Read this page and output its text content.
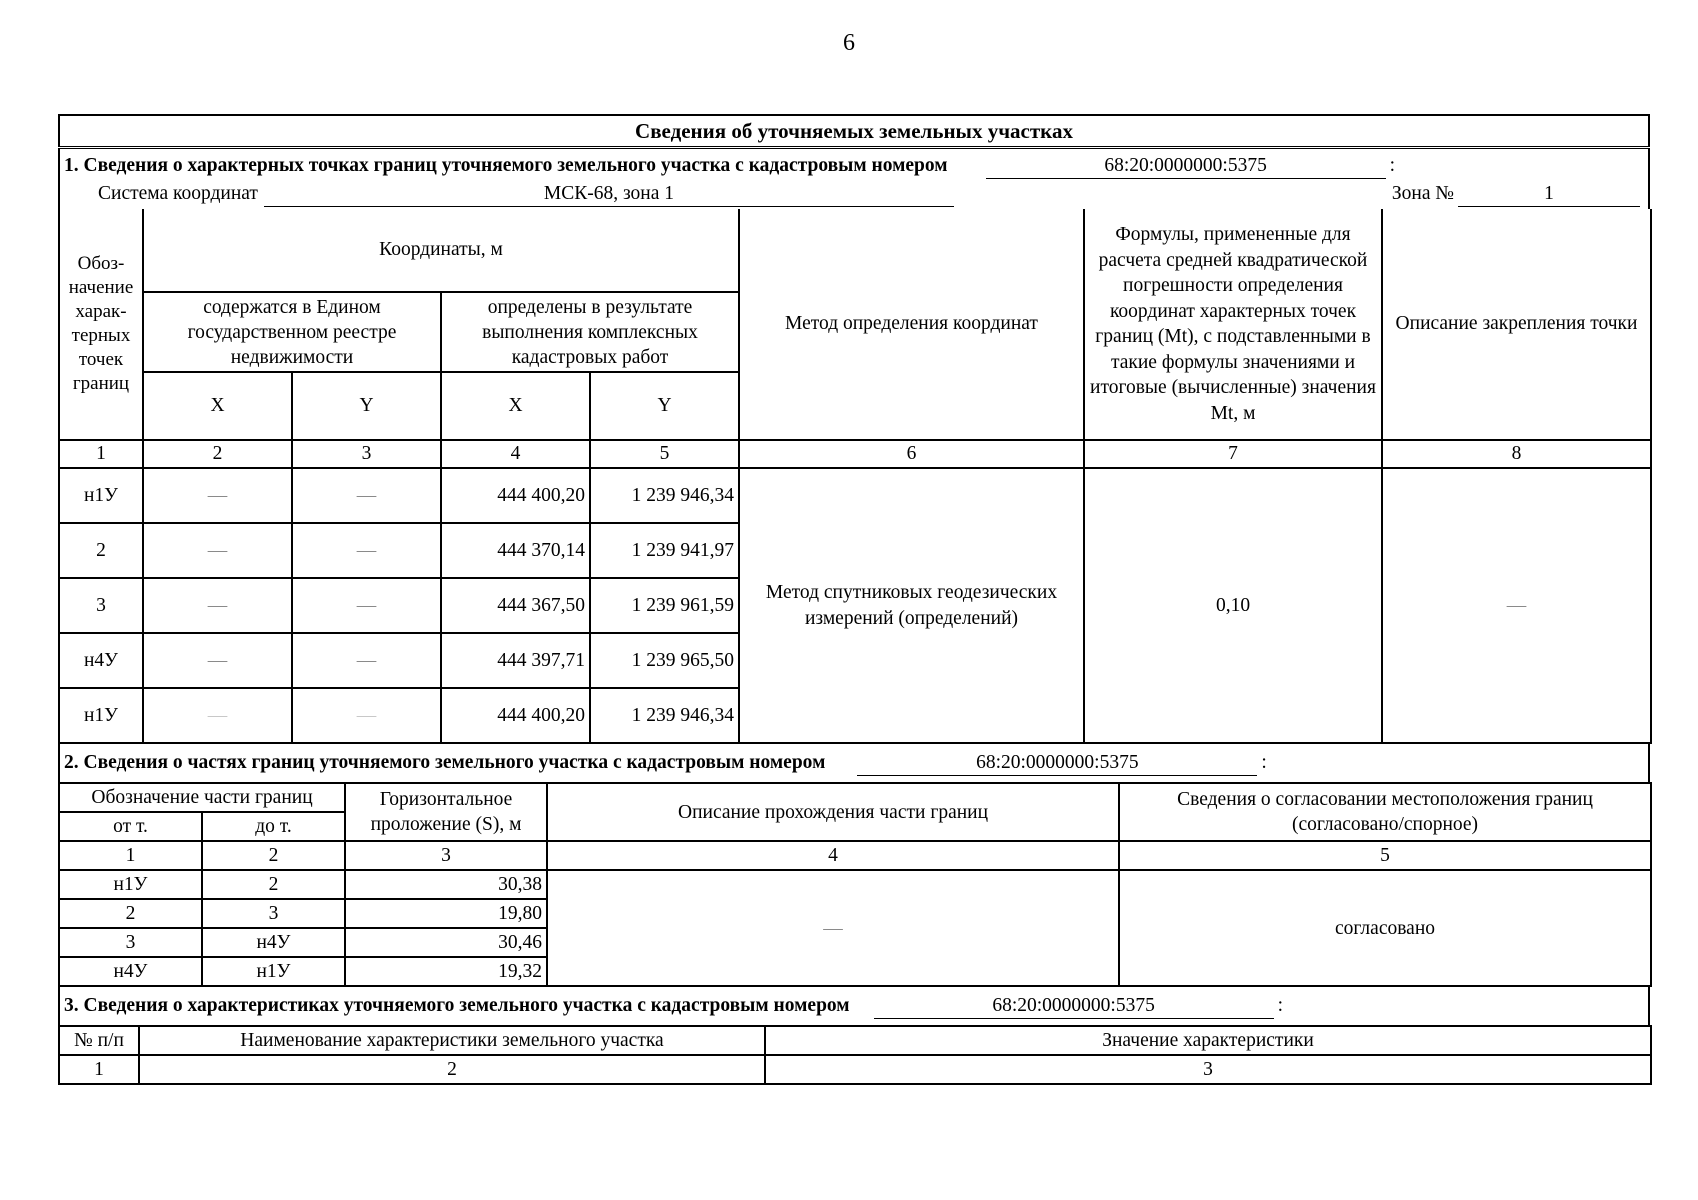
6
Сведения об уточняемых земельных участках
1. Сведения о характерных точках границ уточняемого земельного участка с кадастровым номером	68:20:0000000:5375	:
Система координат	МСК-68, зона 1	Зона №	1
Обоз-начение харак-терных точек границ	Координаты, м				Метод определения координат	Формулы, примененные для расчета средней квадратической погрешности определения координат характерных точек границ (Mt), с подставленными в такие формулы значениями и итоговые (вычисленные) значения Mt, м	Описание закрепления точки
	содержатся в Едином государственном реестре недвижимости		определены в результате выполнения комплексных кадастровых работ				
	X	Y	X	Y			
1	2	3	4	5	6	7	8
н1У	—	—	444 400,20	1 239 946,34	Метод спутниковых геодезических измерений (определений)	0,10	—
2	—	—	444 370,14	1 239 941,97			
3	—	—	444 367,50	1 239 961,59			
н4У	—	—	444 397,71	1 239 965,50			
н1У	—	—	444 400,20	1 239 946,34			
2. Сведения о частях границ уточняемого земельного участка с кадастровым номером	68:20:0000000:5375	:
Обозначение части границ		Горизонтальное проложение (S), м	Описание прохождения части границ	Сведения о согласовании местоположения границ (согласовано/спорное)
от т.	до т.			
1	2	3	4	5
н1У	2	30,38	—	согласовано
2	3	19,80		
3	н4У	30,46		
н4У	н1У	19,32		
3. Сведения о характеристиках уточняемого земельного участка с кадастровым номером	68:20:0000000:5375	:
№ п/п	Наименование характеристики земельного участка	Значение характеристики
1	2	3
